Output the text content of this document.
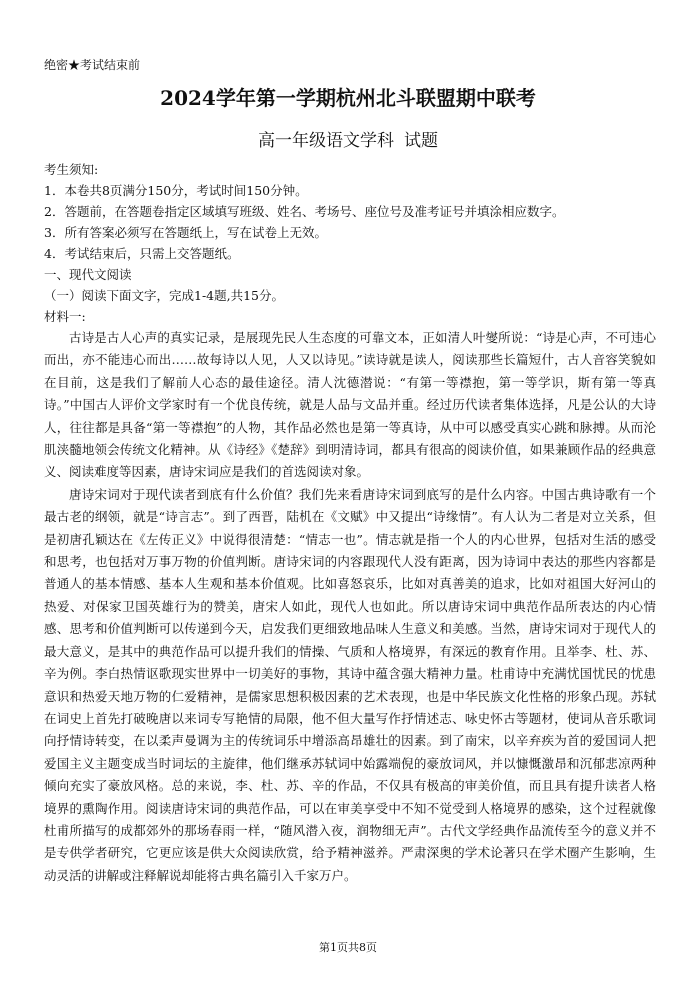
绝密★考试结束前
2024学年第一学期杭州北斗联盟期中联考
高一年级语文学科 试题
考生须知:
1．本卷共8页满分150分，考试时间150分钟。
2．答题前，在答题卷指定区域填写班级、姓名、考场号、座位号及准考证号并填涂相应数字。
3．所有答案必须写在答题纸上，写在试卷上无效。
4．考试结束后，只需上交答题纸。
一、现代文阅读
（一）阅读下面文字，完成1-4题,共15分。
材料一:

古诗是古人心声的真实记录，是展现先民人生态度的可靠文本，正如清人叶燮所说：“诗是心声，不可违心而出，亦不能违心而出……故每诗以人见，人又以诗见。”读诗就是读人，阅读那些长篇短什，古人音容笑貌如在目前，这是我们了解前人心态的最佳途径。清人沈德潜说：“有第一等襟抱，第一等学识，斯有第一等真诗。”中国古人评价文学家时有一个优良传统，就是人品与文品并重。经过历代读者集体选择，凡是公认的大诗人，往往都是具备“第一等襟抱”的人物，其作品必然也是第一等真诗，从中可以感受真实心跳和脉搏。从而沦肌浃髓地领会传统文化精神。从《诗经》《楚辞》到明清诗词，都具有很高的阅读价值，如果兼顾作品的经典意义、阅读难度等因素，唐诗宋词应是我们的首选阅读对象。

唐诗宋词对于现代读者到底有什么价值？我们先来看唐诗宋词到底写的是什么内容。中国古典诗歌有一个最古老的纲领，就是“诗言志”。到了西晋，陆机在《文赋》中又提出“诗缘情”。有人认为二者是对立关系，但是初唐孔颖达在《左传正义》中说得很清楚：“情志一也”。情志就是指一个人的内心世界，包括对生活的感受和思考，也包括对万事万物的价值判断。唐诗宋词的内容跟现代人没有距离，因为诗词中表达的那些内容都是普通人的基本情感、基本人生观和基本价值观。比如喜怒哀乐，比如对真善美的追求，比如对祖国大好河山的热爱、对保家卫国英雄行为的赞美，唐宋人如此，现代人也如此。所以唐诗宋词中典范作品所表达的内心情感、思考和价值判断可以传递到今天，启发我们更细致地品味人生意义和美感。当然，唐诗宋词对于现代人的最大意义，是其中的典范作品可以提升我们的情操、气质和人格境界，有深远的教育作用。且举李、杜、苏、辛为例。李白热情讴歌现实世界中一切美好的事物，其诗中蕴含强大精神力量。杜甫诗中充满忧国忧民的忧患意识和热爱天地万物的仁爱精神，是儒家思想积极因素的艺术表现，也是中华民族文化性格的形象凸现。苏轼在词史上首先打破晚唐以来词专写艳情的局限，他不但大量写作抒情述志、咏史怀古等题材，使词从音乐歌词向抒情诗转变，在以柔声曼调为主的传统词乐中增添高昂雄壮的因素。到了南宋，以辛弃疾为首的爱国词人把爱国主义主题变成当时词坛的主旋律，他们继承苏轼词中始露端倪的豪放词风，并以慷慨激昂和沉郁悲凉两种倾向充实了豪放风格。总的来说，李、杜、苏、辛的作品，不仅具有极高的审美价值，而且具有提升读者人格境界的熏陶作用。阅读唐诗宋词的典范作品，可以在审美享受中不知不觉受到人格境界的感染，这个过程就像杜甫所描写的成都郊外的那场春雨一样，“随风潜入夜，润物细无声”。古代文学经典作品流传至今的意义并不是专供学者研究，它更应该是供大众阅读欣赏，给予精神滋养。严肃深奥的学术论著只在学术圈产生影响，生动灵活的讲解或注释解说却能将古典名篇引入千家万户。

第1页共8页
